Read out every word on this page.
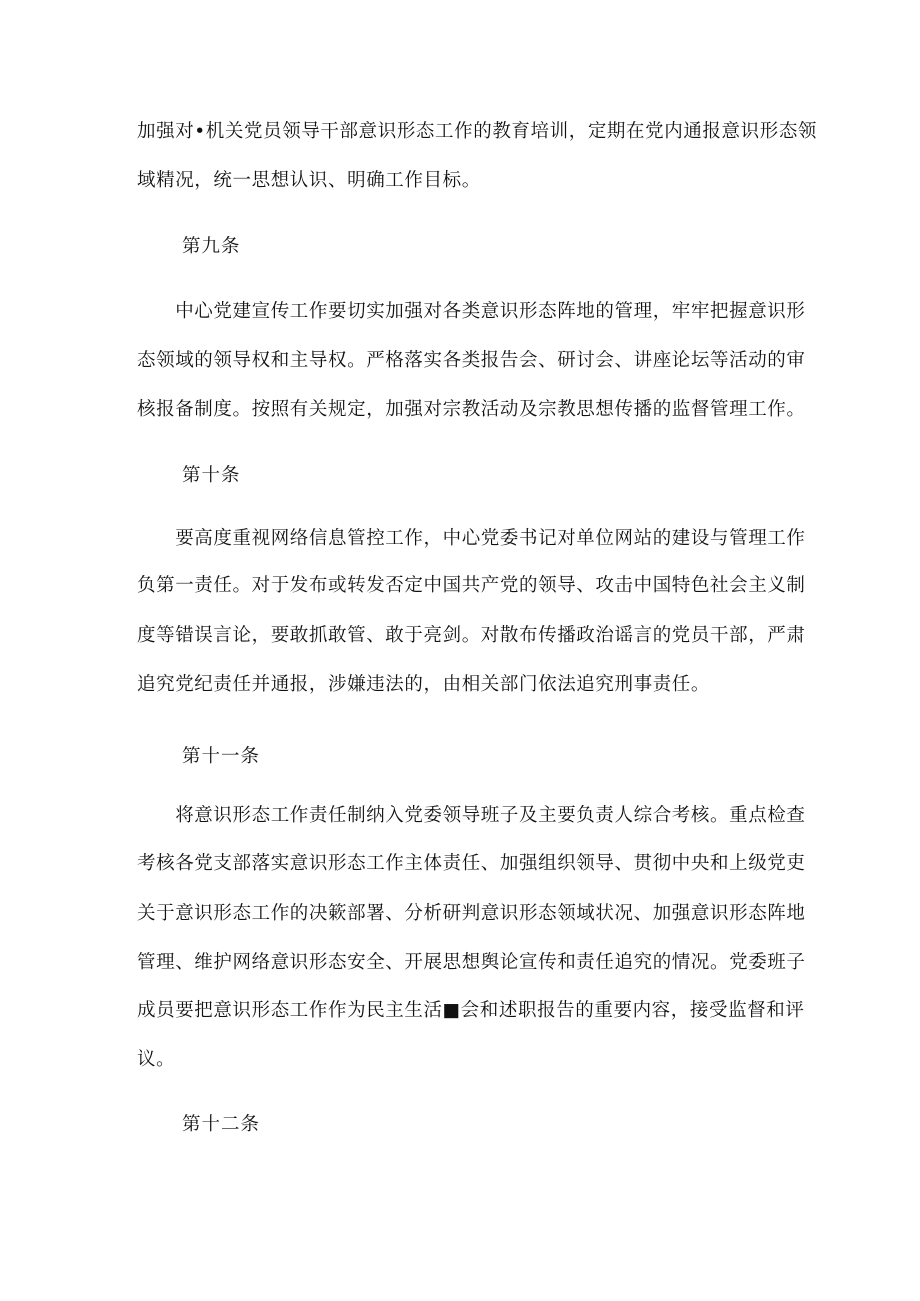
加强对•机关党员领导干部意识形态工作的教育培训，定期在党内通报意识形态领
域精况，统一思想认识、明确工作目标。
第九条
　　中心党建宣传工作要切实加强对各类意识形态阵地的管理，牢牢把握意识形
态领域的领导权和主导权。严格落实各类报告会、研讨会、讲座论坛等活动的审
核报备制度。按照有关规定，加强对宗教活动及宗教思想传播的监督管理工作。
第十条
　　要高度重视网络信息管控工作，中心党委书记对单位网站的建设与管理工作
负第一责任。对于发布或转发否定中国共产党的领导、攻击中国特色社会主义制
度等错误言论，要敢抓敢管、敢于亮剑。对散布传播政治谣言的党员干部，严肃
追究党纪责任并通报，涉嫌违法的，由相关部门依法追究刑事责任。
第十一条
　　将意识形态工作责任制纳入党委领导班子及主要负责人综合考核。重点检查
考核各党支部落实意识形态工作主体责任、加强组织领导、贯彻中央和上级党吏
关于意识形态工作的决簌部署、分析研判意识形态领域状况、加强意识形态阵地
管理、维护网络意识形态安全、开展思想舆论宣传和责任追究的情况。党委班子
成员要把意识形态工作作为民主生活■会和述职报告的重要内容，接受监督和评
议。
第十二条
